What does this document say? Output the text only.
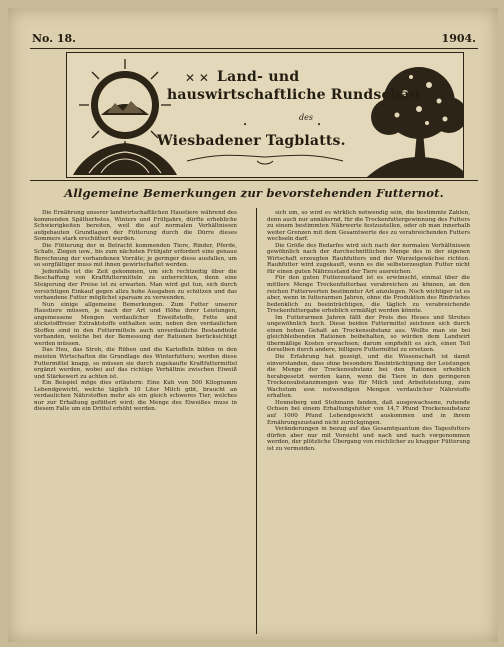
No. 18.	1904.
✕ ✕
•	•
Land- und
hauswirtschaftliche Rundschau
des
Wiesbadener Tagblatts.
Allgemeine Bemerkungen zur bevorstehenden Futternot.

Die Ernährung unserer landwirtschaftlichen Haustiere während des kommenden Spätherbstes, Winters und Frühjahrs, dürfte erhebliche Schwierigkeiten bereiten, weil die auf normalen Verhältnissen aufgebauten Grundlagen der Fütterung durch die Dürre dieses Sommers stark erschüttert wurden.

Die Fütterung der in Betracht kommenden Tiere, Rinder, Pferde, Schafe, Ziegen usw., bis zum nächsten Frühjahr erfordert eine genaue Berechnung der vorhandenen Vorräte; je geringer diese ausfallen, um so sorgfältiger muss mit ihnen gewirtschaftet werden.

Jedenfalls ist die Zeit gekommen, um sich rechtzeitig über die Beschaffung von Kraftfuttermitteln zu unterrichten, denn eine Steigerung der Preise ist zu erwarten. Man wird gut tun, sich durch vorsichtigen Einkauf gegen allzu hohe Ausgaben zu schützen und das vorhandene Futter möglichst sparsam zu verwenden.

Nun einige allgemeine Bemerkungen. Zum Futter unserer Haustiere müssen, je nach der Art und Höhe ihrer Leistungen, angemessene Mengen verdaulicher Eiweißstoffe, Fette und stickstofffreier Extraktstoffe enthalten sein; neben den verdaulichen Stoffen sind in den Futtermitteln auch unverdauliche Bestandteile vorhanden, welche bei der Bemessung der Rationen berücksichtigt werden müssen.

Das Heu, das Stroh, die Rüben und die Kartoffeln bilden in den meisten Wirtschaften die Grundlage des Winterfutters; werden diese Futtermittel knapp, so müssen sie durch zugekaufte Kraftfuttermittel ergänzt werden, wobei auf das richtige Verhältnis zwischen Eiweiß und Stärkewert zu achten ist.

Ein Beispiel möge dies erläutern: Eine Kuh von 500 Kilogramm Lebendgewicht, welche täglich 10 Liter Milch gibt, braucht an verdaulichen Nährstoffen mehr als ein gleich schweres Tier, welches nur zur Erhaltung gefüttert wird; die Menge des Eiweißes muss in diesem Falle um ein Drittel erhöht werden.

sich um, so wird es wirklich notwendig sein, die bestimmte Zahlen, denn auch nur annähernd, für die Trockenfuttergewinnung des Futters zu einem bestimmten Nährwerte festzustellen, oder ob man innerhalb weiter Grenzen mit dem Gesamtwerte des zu verabreichenden Futters wechseln darf.

Die Größe des Bedarfes wird sich nach der normalen Verhältnissen gewöhnlich nach der durchschnittlichen Menge des in der eigenen Wirtschaft erzeugten Rauhfutters und der Wurzelgewächse richten. Rauhfutter wird zugekauft, wenn es die selbsterzeugten Futter nicht für einen guten Nährzustand der Tiere ausreichen.

Für den guten Futterzustand ist es erwünscht, einmal über die mittlere Menge Trockenfutterbau verabreichen zu können, an den reichen Futterwerten bestimmter Art anzulegen. Noch wichtiger ist es aber, wenn in futterarmen Jahren, ohne die Produktion des Rindviehes bedenklich zu beeinträchtigen, die täglich zu verabreichende Trockenfuttergabe erheblich ermäßigt werden könnte.

Im Futterarmen Jahren fällt der Preis des Heues und Strohes ungewöhnlich hoch. Diese beiden Futtermittel zeichnen sich durch einen hohen Gehalt an Trockensubstanz aus. Wollte man sie bei gleichbleibenden Rationen beibehalten, so würden dem Landwirt übermäßige Kosten erwachsen; darum empfiehlt es sich, einen Teil derselben durch andere, billigere Futtermittel zu ersetzen.

Die Erfahrung hat gezeigt, und die Wissenschaft ist damit einverstanden, dass ohne besondere Beeinträchtigung der Leistungen die Menge der Trockensubstanz bei den Rationen erheblich herabgesetzt werden kann, wenn die Tiere in den geringeren Trockensubstanzmengen was für Milch und Arbeitsleistung, zum Wachstum usw. notwendigen Mengen verdaulicher Nährstoffe erhalten.

Henneberg und Stohmann fanden, daß ausgewachsene, ruhende Ochsen bei einem Erhaltungsfutter von 14,7 Pfund Trockensubstanz auf 1000 Pfund Lebendgewicht auskommen und in ihrem Ernährungszustand nicht zurückgingen.

Veränderungen in bezug auf das Gesamtquantum des Tagesfutters dürfen aber nur mit Vorsicht und nach und nach vorgenommen werden, der plötzliche Übergang von reichlicher zu knapper Fütterung ist zu vermeiden.
